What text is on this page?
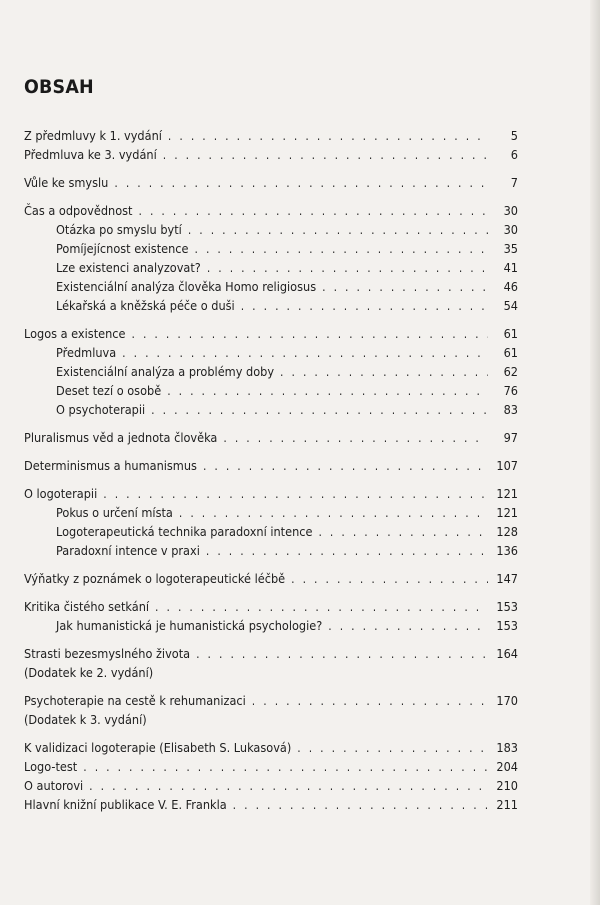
OBSAH
Z předmluvy k 1. vydání . . .	5
Předmluva ke 3. vydání . . .	6
Vůle ke smyslu . . .	7
Čas a odpovědnost . . .	30
Otázka po smyslu bytí . . .	30
Pomíjejícnost existence . . .	35
Lze existenci analyzovat? . . .	41
Existenciální analýza člověka Homo religiosus . . .	46
Lékařská a kněžská péče o duši . . .	54
Logos a existence . . .	61
Předmluva . . .	61
Existenciální analýza a problémy doby . . .	62
Deset tezí o osobě . . .	76
O psychoterapii . . .	83
Pluralismus věd a jednota člověka . . .	97
Determinismus a humanismus . . .	107
O logoterapii . . .	121
Pokus o určení místa . . .	121
Logoterapeutická technika paradoxní intence . . .	128
Paradoxní intence v praxi . . .	136
Výňatky z poznámek o logoterapeutické léčbě . . .	147
Kritika čistého setkání . . .	153
Jak humanistická je humanistická psychologie? . . .	153
Strasti bezesmyslného života . . .	164
(Dodatek ke 2. vydání)
Psychoterapie na cestě k rehumanizaci . . .	170
(Dodatek k 3. vydání)
K validizaci logoterapie (Elisabeth S. Lukasová) . . .	183
Logo-test . . .	204
O autorovi . . .	210
Hlavní knižní publikace V. E. Frankla . . .	211
